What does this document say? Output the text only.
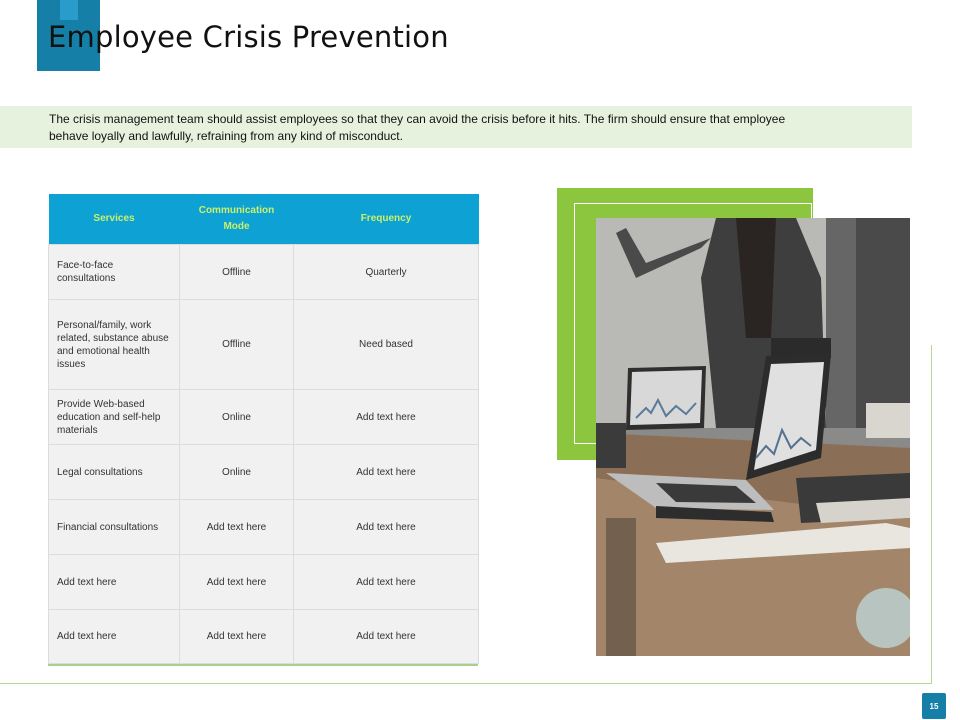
Employee Crisis Prevention

The crisis management team should assist employees so that they can avoid the crisis before it hits. The firm should ensure that employee behave loyally and lawfully, refraining from any kind of misconduct.

Services	Communication Mode	Frequency
Face-to-face consultations	Offline	Quarterly
Personal/family, work related, substance abuse and emotional health issues	Offline	Need based
Provide Web-based education and self-help materials	Online	Add text here
Legal consultations	Online	Add text here
Financial consultations	Add text here	Add text here
Add text here	Add text here	Add text here
Add text here	Add text here	Add text here
15
